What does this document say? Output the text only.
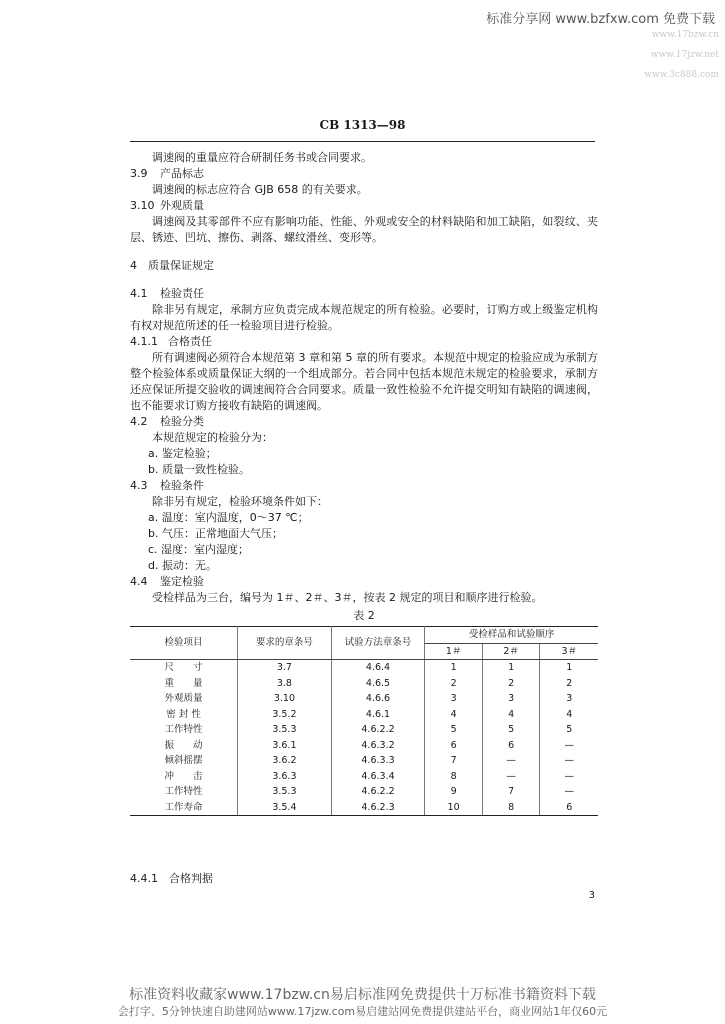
标准分享网 www.bzfxw.com 免费下载
www.17bzw.cn
www.17jzw.net
www.3c888.com
CB 1313—98

调速阀的重量应符合研制任务书或合同要求。

3.9 产品标志

调速阀的标志应符合 GJB 658 的有关要求。

3.10 外观质量

调速阀及其零部件不应有影响功能、性能、外观或安全的材料缺陷和加工缺陷，如裂纹、夹层、锈迹、凹坑、擦伤、剥落、螺纹滑丝、变形等。

4 质量保证规定

4.1 检验责任

除非另有规定，承制方应负责完成本规范规定的所有检验。必要时，订购方或上级鉴定机构有权对规范所述的任一检验项目进行检验。

4.1.1 合格责任

所有调速阀必须符合本规范第 3 章和第 5 章的所有要求。本规范中规定的检验应成为承制方整个检验体系或质量保证大纲的一个组成部分。若合同中包括本规范未规定的检验要求，承制方还应保证所提交验收的调速阀符合合同要求。质量一致性检验不允许提交明知有缺陷的调速阀，也不能要求订购方接收有缺陷的调速阀。

4.2 检验分类

本规范规定的检验分为：

a. 鉴定检验；

b. 质量一致性检验。

4.3 检验条件

除非另有规定，检验环境条件如下：

a. 温度：室内温度，0～37 ℃；

b. 气压：正常地面大气压；

c. 湿度：室内湿度；

d. 振动：无。

4.4 鉴定检验

受检样品为三台，编号为 1＃、2＃、3＃，按表 2 规定的项目和顺序进行检验。

表 2

检验项目	要求的章条号	试验方法章条号	受检样品和试验顺序		
			1＃	2＃	3＃
尺　　寸	3.7	4.6.4	1	1	1
重　　量	3.8	4.6.5	2	2	2
外观质量	3.10	4.6.6	3	3	3
密 封 性	3.5.2	4.6.1	4	4	4
工作特性	3.5.3	4.6.2.2	5	5	5
振　　动	3.6.1	4.6.3.2	6	6	—
倾斜摇摆	3.6.2	4.6.3.3	7	—	—
冲　　击	3.6.3	4.6.3.4	8	—	—
工作特性	3.5.3	4.6.2.2	9	7	—
工作寿命	3.5.4	4.6.2.3	10	8	6
4.4.1　合格判据
3
标准资料收藏家www.17bzw.cn易启标准网免费提供十万标准书籍资料下载
会打字、5分钟快速自助建网站www.17jzw.com易启建站网免费提供建站平台，商业网站1年仅60元
